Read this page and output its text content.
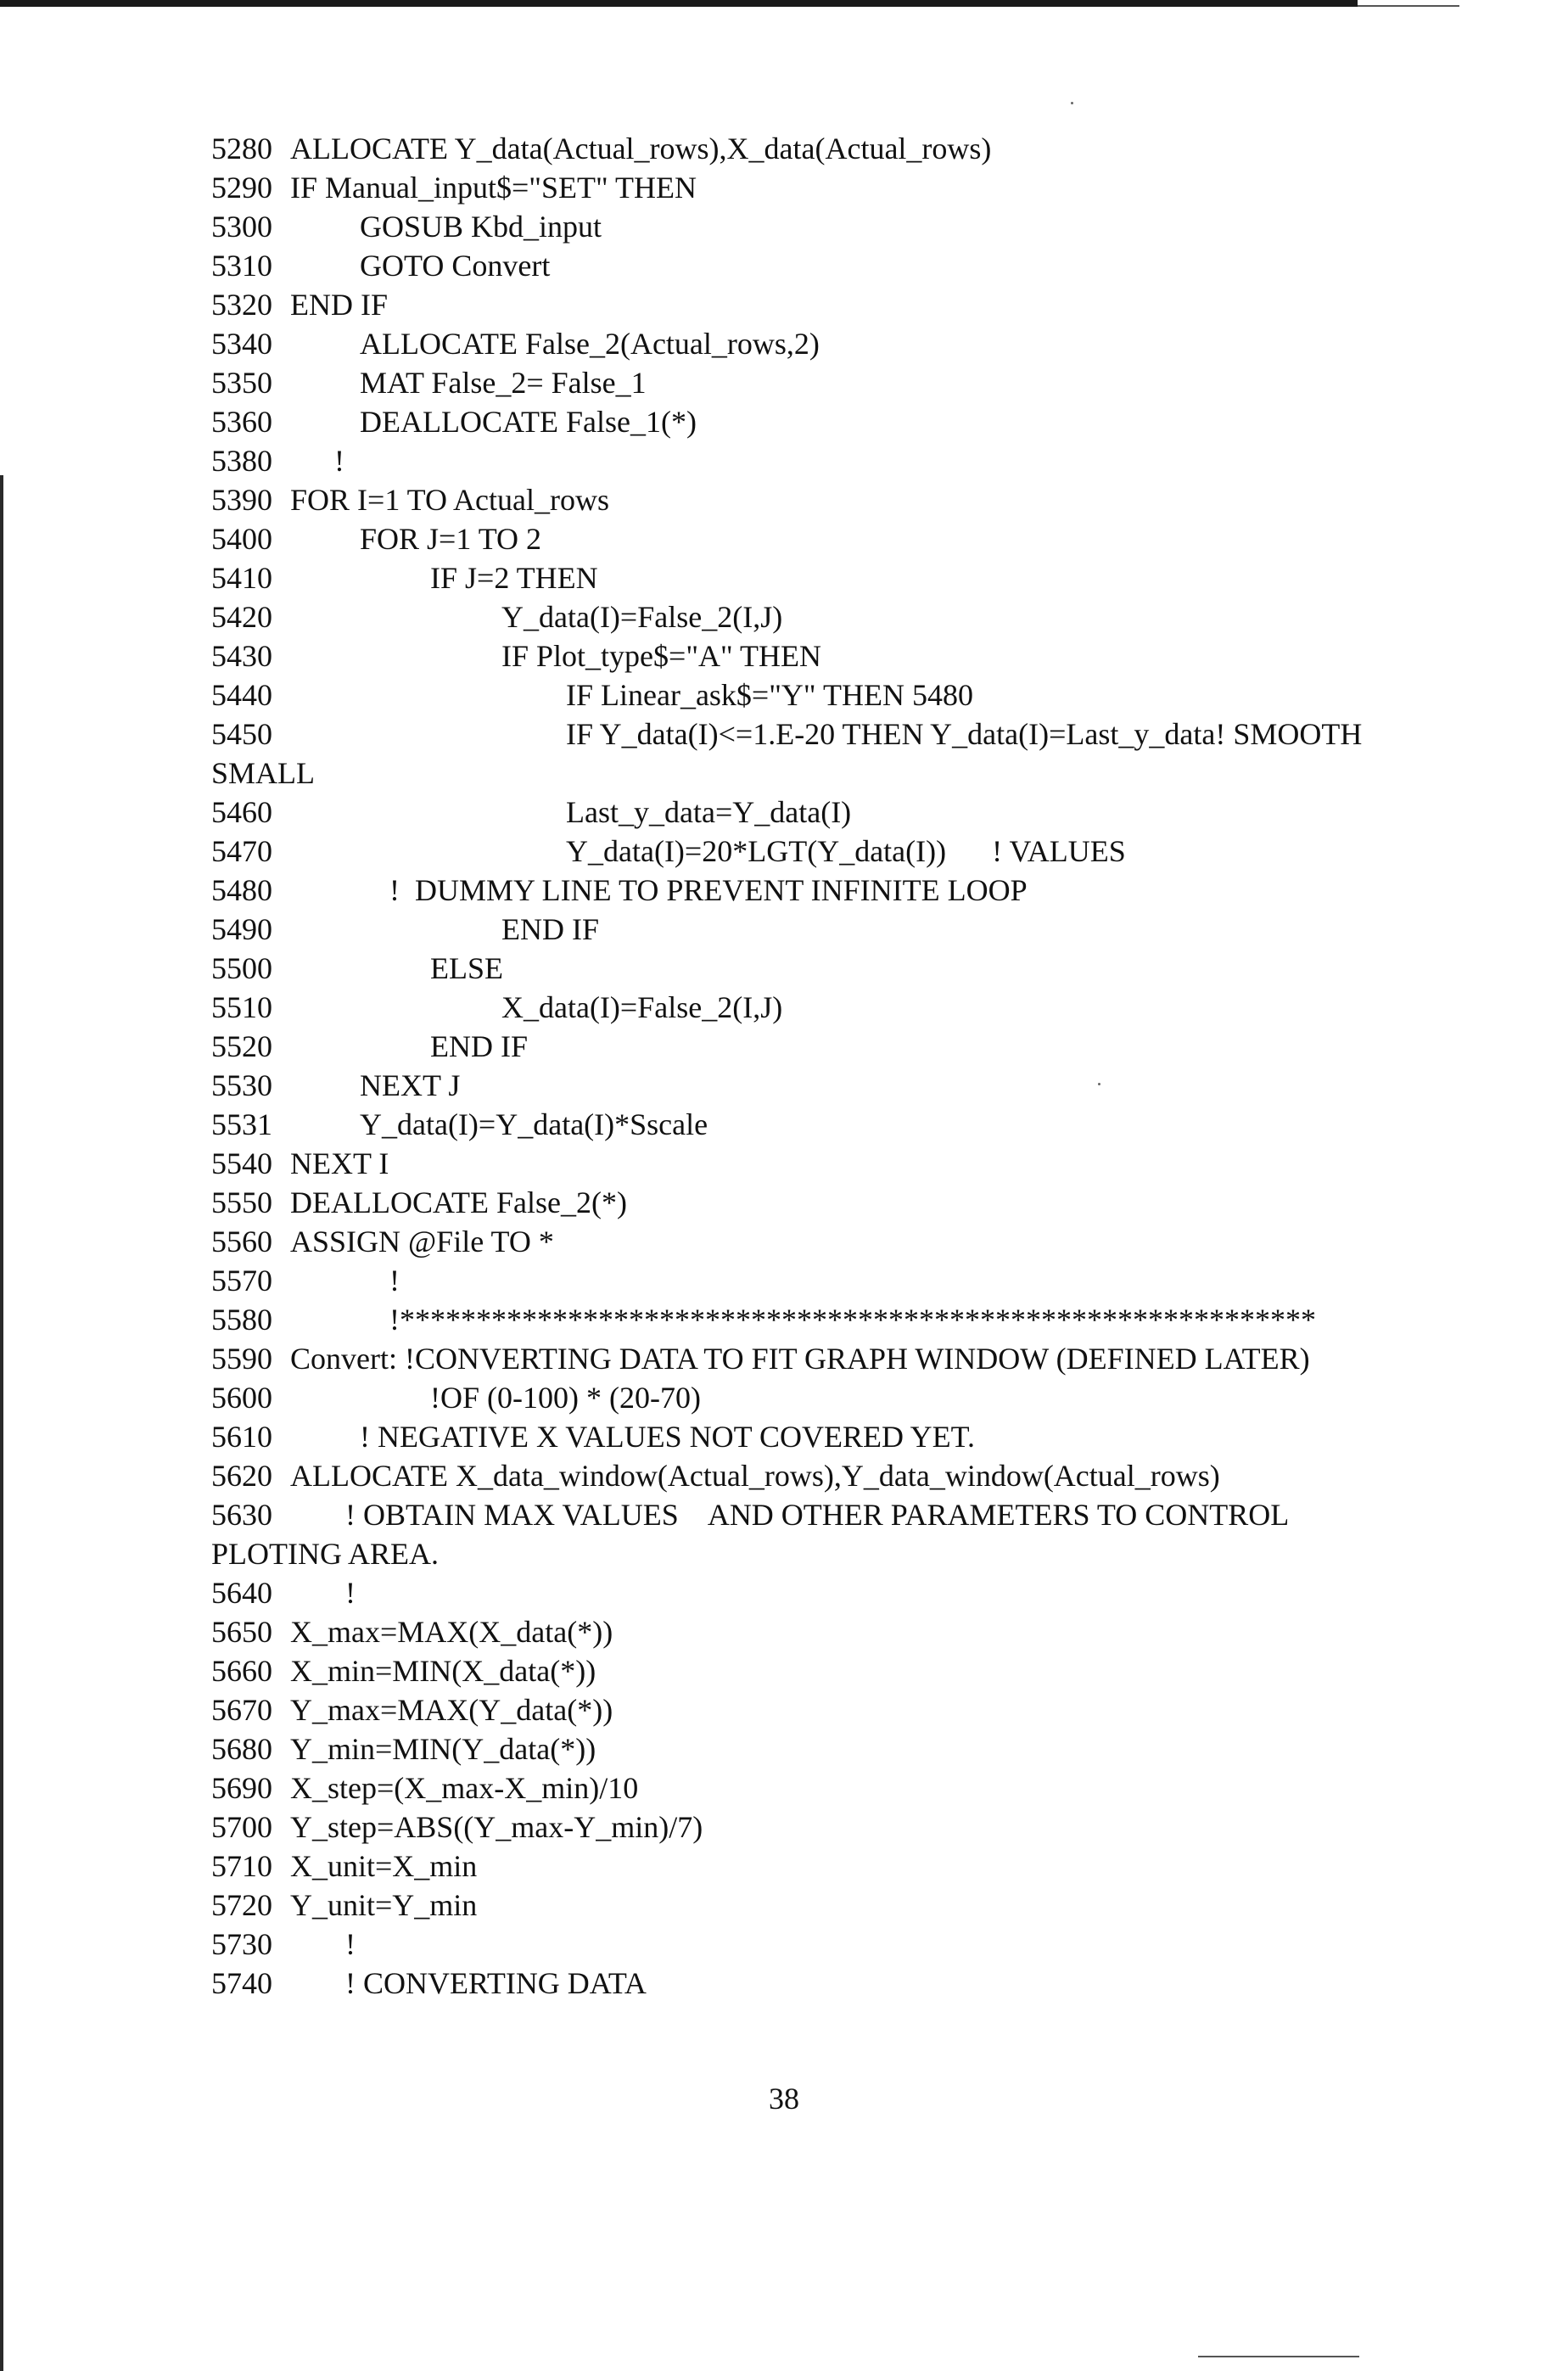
5280 ALLOCATE Y_data(Actual_rows),X_data(Actual_rows)
5290 IF Manual_input$="SET" THEN
5300	GOSUB Kbd_input
5310	GOTO Convert
5320 END IF
5340	ALLOCATE False_2(Actual_rows,2)
5350	MAT False_2= False_1
5360	DEALLOCATE False_1(*)
5380 !
5390 FOR I=1 TO Actual_rows
5400	FOR J=1 TO 2
5410	IF J=2 THEN
5420	Y_data(I)=False_2(I,J)
5430	IF Plot_type$="A" THEN
5440	IF Linear_ask$="Y" THEN 5480
5450	IF Y_data(I)<=1.E-20 THEN Y_data(I)=Last_y_data! SMOOTH
SMALL
5460	Last_y_data=Y_data(I)
5470	Y_data(I)=20*LGT(Y_data(I))      ! VALUES
5480	!  DUMMY LINE TO PREVENT INFINITE LOOP
5490	END IF
5500	ELSE
5510	X_data(I)=False_2(I,J)
5520	END IF
5530	NEXT J
5531	Y_data(I)=Y_data(I)*Sscale
5540 NEXT I
5550 DEALLOCATE False_2(*)
5560 ASSIGN @File TO *
5570	!
5580	!************************************************************
5590 Convert: !CONVERTING DATA TO FIT GRAPH WINDOW (DEFINED LATER)
5600	!OF (0-100) * (20-70)
5610	! NEGATIVE X VALUES NOT COVERED YET.
5620 ALLOCATE X_data_window(Actual_rows),Y_data_window(Actual_rows)
5630 ! OBTAIN MAX VALUES    AND OTHER PARAMETERS TO CONTROL
PLOTING AREA.
5640 !
5650 X_max=MAX(X_data(*))
5660 X_min=MIN(X_data(*))
5670 Y_max=MAX(Y_data(*))
5680 Y_min=MIN(Y_data(*))
5690 X_step=(X_max-X_min)/10
5700 Y_step=ABS((Y_max-Y_min)/7)
5710 X_unit=X_min
5720 Y_unit=Y_min
5730 !
5740 ! CONVERTING DATA
38
